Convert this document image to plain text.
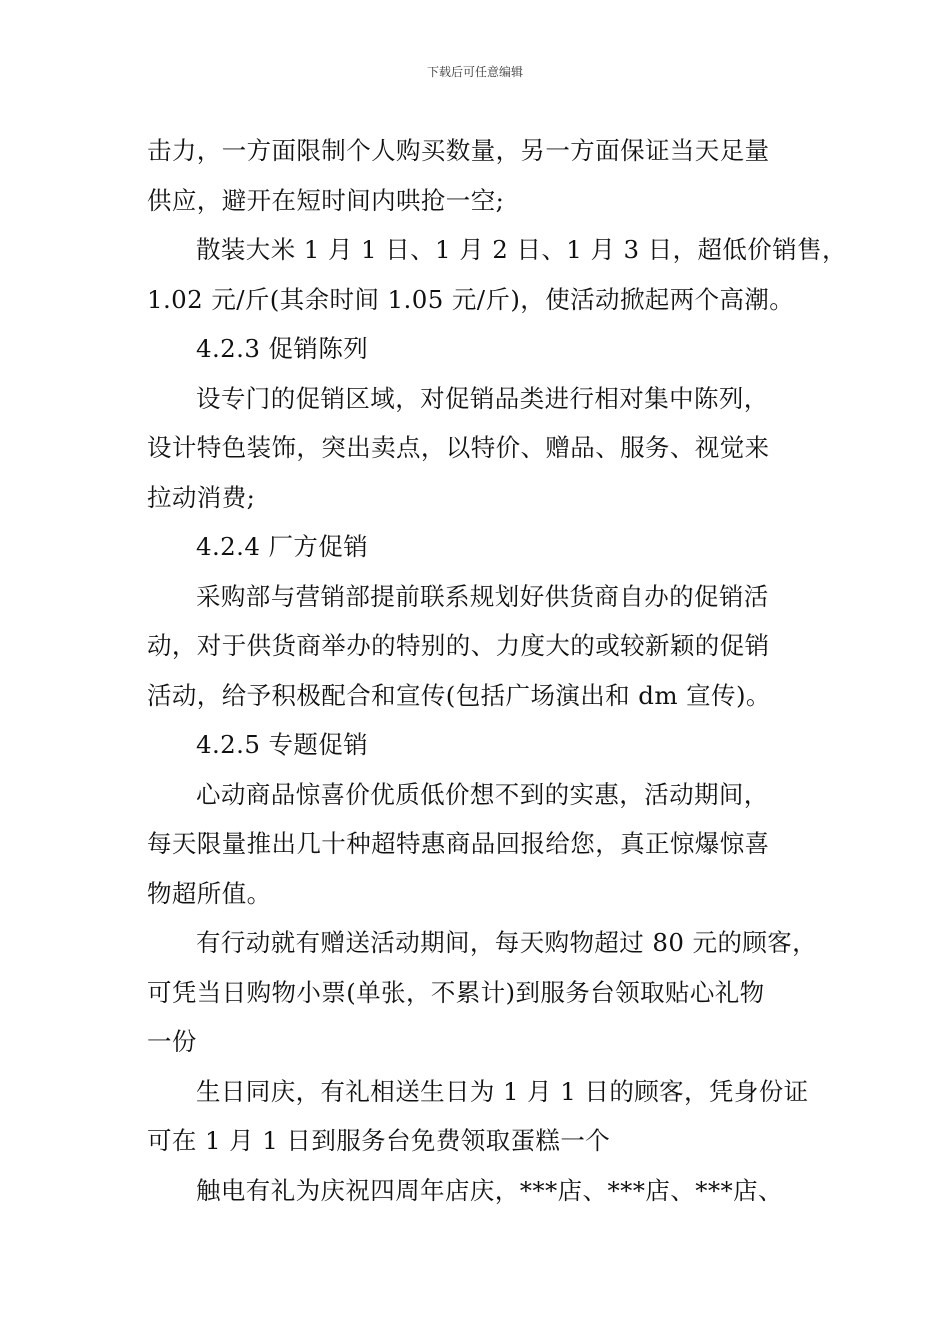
下载后可任意编辑
击力，一方面限制个人购买数量，另一方面保证当天足量
供应，避开在短时间内哄抢一空;
散装大米 1 月 1 日、1 月 2 日、1 月 3 日，超低价销售，
1.02 元/斤(其余时间 1.05 元/斤)，使活动掀起两个高潮。
4.2.3 促销陈列
设专门的促销区域，对促销品类进行相对集中陈列，
设计特色装饰，突出卖点，以特价、赠品、服务、视觉来
拉动消费;
4.2.4 厂方促销
采购部与营销部提前联系规划好供货商自办的促销活
动，对于供货商举办的特别的、力度大的或较新颖的促销
活动，给予积极配合和宣传(包括广场演出和 dm 宣传)。
4.2.5 专题促销
心动商品惊喜价优质低价想不到的实惠，活动期间，
每天限量推出几十种超特惠商品回报给您，真正惊爆惊喜
物超所值。
有行动就有赠送活动期间，每天购物超过 80 元的顾客，
可凭当日购物小票(单张，不累计)到服务台领取贴心礼物
一份
生日同庆，有礼相送生日为 1 月 1 日的顾客，凭身份证
可在 1 月 1 日到服务台免费领取蛋糕一个
触电有礼为庆祝四周年店庆，***店、***店、***店、
